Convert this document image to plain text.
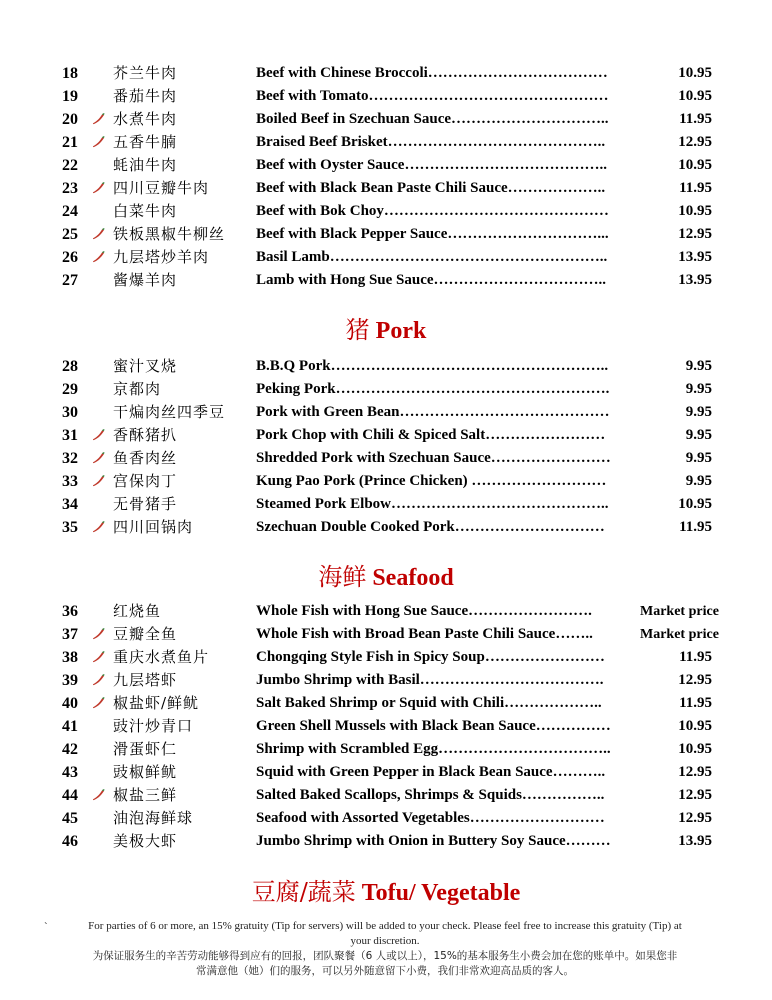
18	芥兰牛肉	Beef with Chinese Broccoli………………………………	10.95
19	番茄牛肉	Beef with Tomato…………………………………………	10.95
20	水煮牛肉	Boiled Beef in Szechuan Sauce…………………………..	11.95
21	五香牛腩	Braised Beef Brisket……………………………………..	12.95
22	蚝油牛肉	Beef with Oyster Sauce…………………………………..	10.95
23	四川豆瓣牛肉	Beef with Black Bean Paste Chili Sauce………………..	11.95
24	白菜牛肉	Beef with Bok Choy………………………………………	10.95
25	铁板黑椒牛柳丝 Beef with Black Pepper Sauce…………………………...	12.95
26	九层塔炒羊肉	Basil Lamb………………………………………………..	13.95
27	酱爆羊肉	Lamb with Hong Sue Sauce……………………………..	13.95
猪 Pork
28	蜜汁叉烧	B.B.Q Pork………………………………………………..	9.95
29	京都肉	Peking Pork……………………………………………….	9.95
30	干煸肉丝四季豆 Pork with Green Bean……………………………………	9.95
31	香酥猪扒	Pork Chop with Chili & Spiced Salt……………………	9.95
32	鱼香肉丝	Shredded Pork with Szechuan Sauce……………………	9.95
33	宫保肉丁	Kung Pao Pork (Prince Chicken) ………………………	9.95
34	无骨猪手	Steamed Pork Elbow……………………………………..	10.95
35	四川回锅肉	Szechuan Double Cooked Pork…………………………	11.95
海鲜 Seafood
36	红烧鱼	Whole Fish with Hong Sue Sauce…………………….	Market price
37	豆瓣全鱼	Whole Fish with Broad Bean Paste Chili Sauce……..	Market price
38	重庆水煮鱼片	Chongqing Style Fish in Spicy Soup……………………	11.95
39	九层塔虾	Jumbo Shrimp with Basil……………………………….	12.95
40	椒盐虾/鲜鱿	Salt Baked Shrimp or Squid with Chili………………..	11.95
41	豉汁炒青口	Green Shell Mussels with Black Bean Sauce……………	10.95
42	滑蛋虾仁	Shrimp with Scrambled Egg……………………………..	10.95
43	豉椒鲜鱿	Squid with Green Pepper in Black Bean Sauce………..	12.95
44	椒盐三鲜	Salted Baked Scallops, Shrimps & Squids……………..	12.95
45	油泡海鲜球	Seafood with Assorted Vegetables………………………	12.95
46	美极大虾	Jumbo Shrimp with Onion in Buttery Soy Sauce………	13.95
豆腐/蔬菜 Tofu/ Vegetable
`	For parties of 6 or more, an 15% gratuity (Tip for servers) will be added to your check. Please feel free to increase this gratuity (Tip) at
your discretion.
为保证服务生的辛苦劳动能够得到应有的回报，团队聚餐（6 人或以上），15%的基本服务生小费会加在您的账单中。如果您非
常满意他（她）们的服务，可以另外随意留下小费，我们非常欢迎高品质的客人。
